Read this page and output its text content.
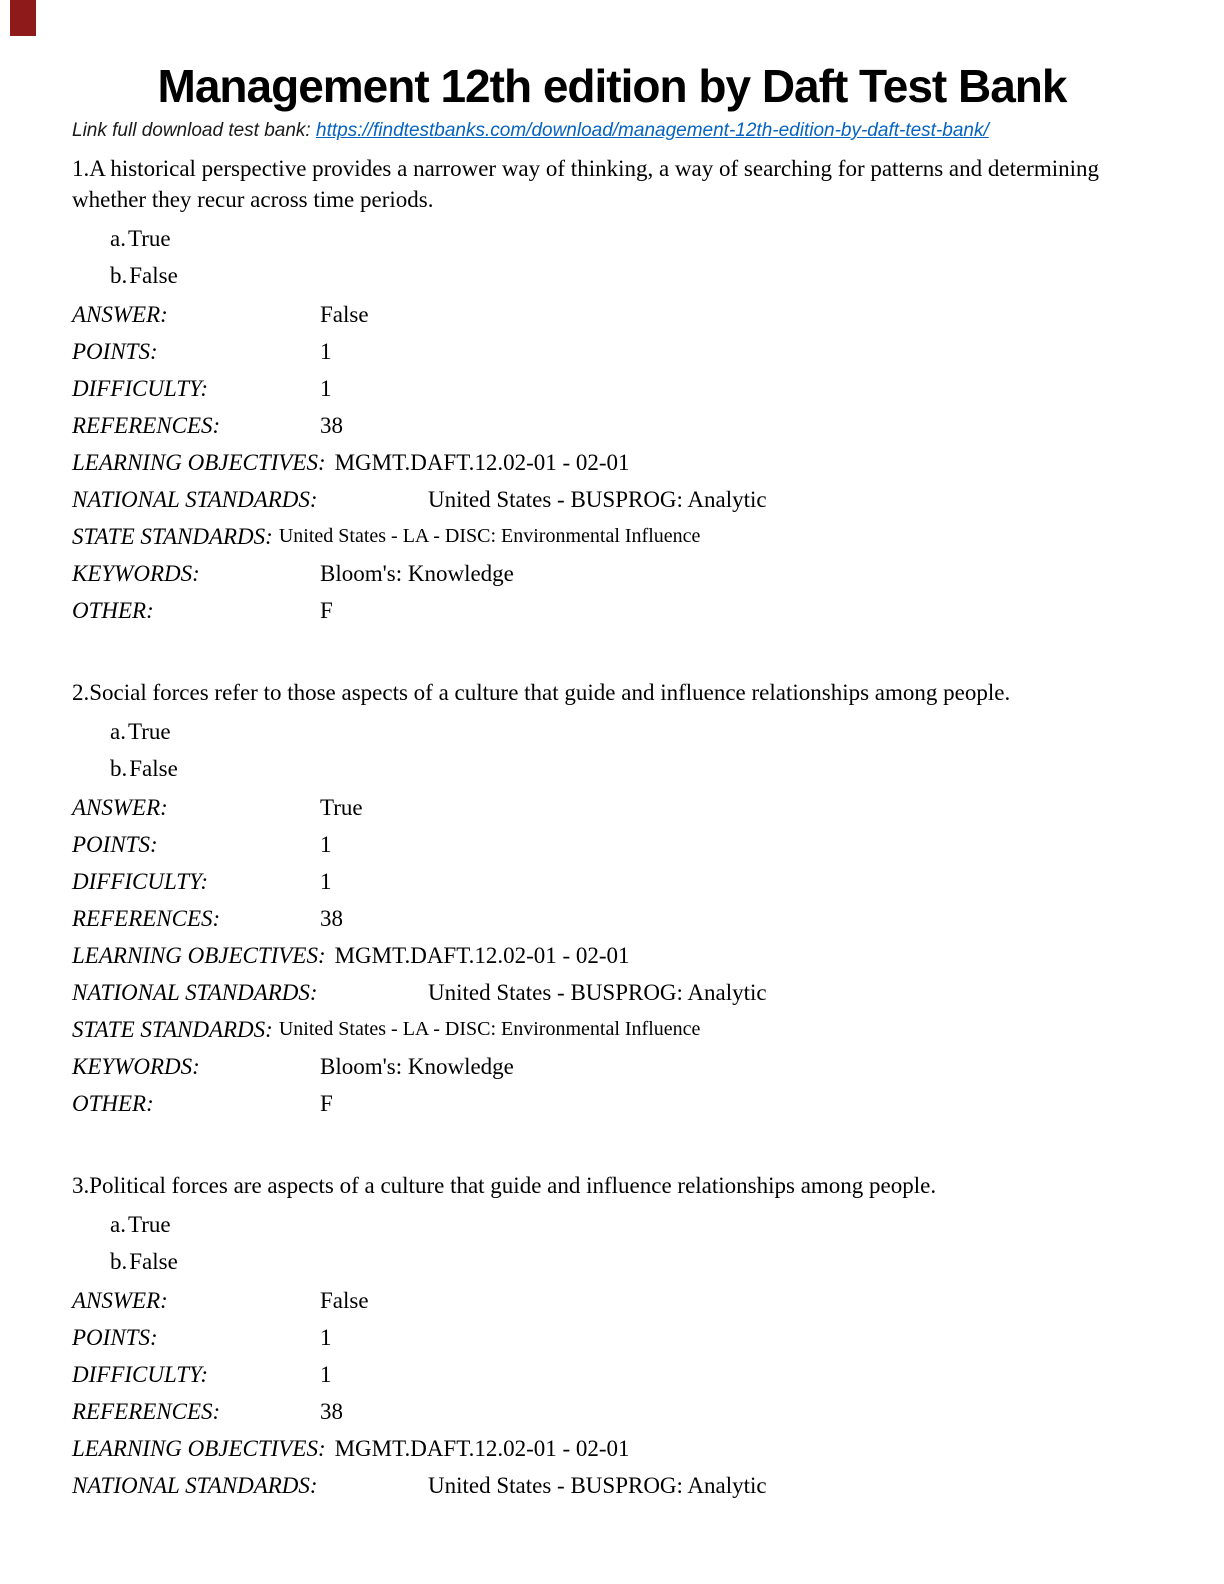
Management 12th edition by Daft Test Bank

Link full download test bank: https://findtestbanks.com/download/management-12th-edition-by-daft-test-bank/

1.A historical perspective provides a narrower way of thinking, a way of searching for patterns and determining whether they recur across time periods.

a.True
b.False
ANSWER:	False
POINTS:	1
DIFFICULTY:	1
REFERENCES:	38
LEARNING OBJECTIVES: MGMT.DAFT.12.02-01 - 02-01
NATIONAL STANDARDS:	United States - BUSPROG: Analytic
STATE STANDARDS: United States - LA - DISC: Environmental Influence
KEYWORDS:	Bloom's: Knowledge
OTHER:	F

2.Social forces refer to those aspects of a culture that guide and influence relationships among people.

a.True
b.False
ANSWER:	True
POINTS:	1
DIFFICULTY:	1
REFERENCES:	38
LEARNING OBJECTIVES: MGMT.DAFT.12.02-01 - 02-01
NATIONAL STANDARDS:	United States - BUSPROG: Analytic
STATE STANDARDS: United States - LA - DISC: Environmental Influence
KEYWORDS:	Bloom's: Knowledge
OTHER:	F

3.Political forces are aspects of a culture that guide and influence relationships among people.

a.True
b.False
ANSWER:	False
POINTS:	1
DIFFICULTY:	1
REFERENCES:	38
LEARNING OBJECTIVES: MGMT.DAFT.12.02-01 - 02-01
NATIONAL STANDARDS:	United States - BUSPROG: Analytic
